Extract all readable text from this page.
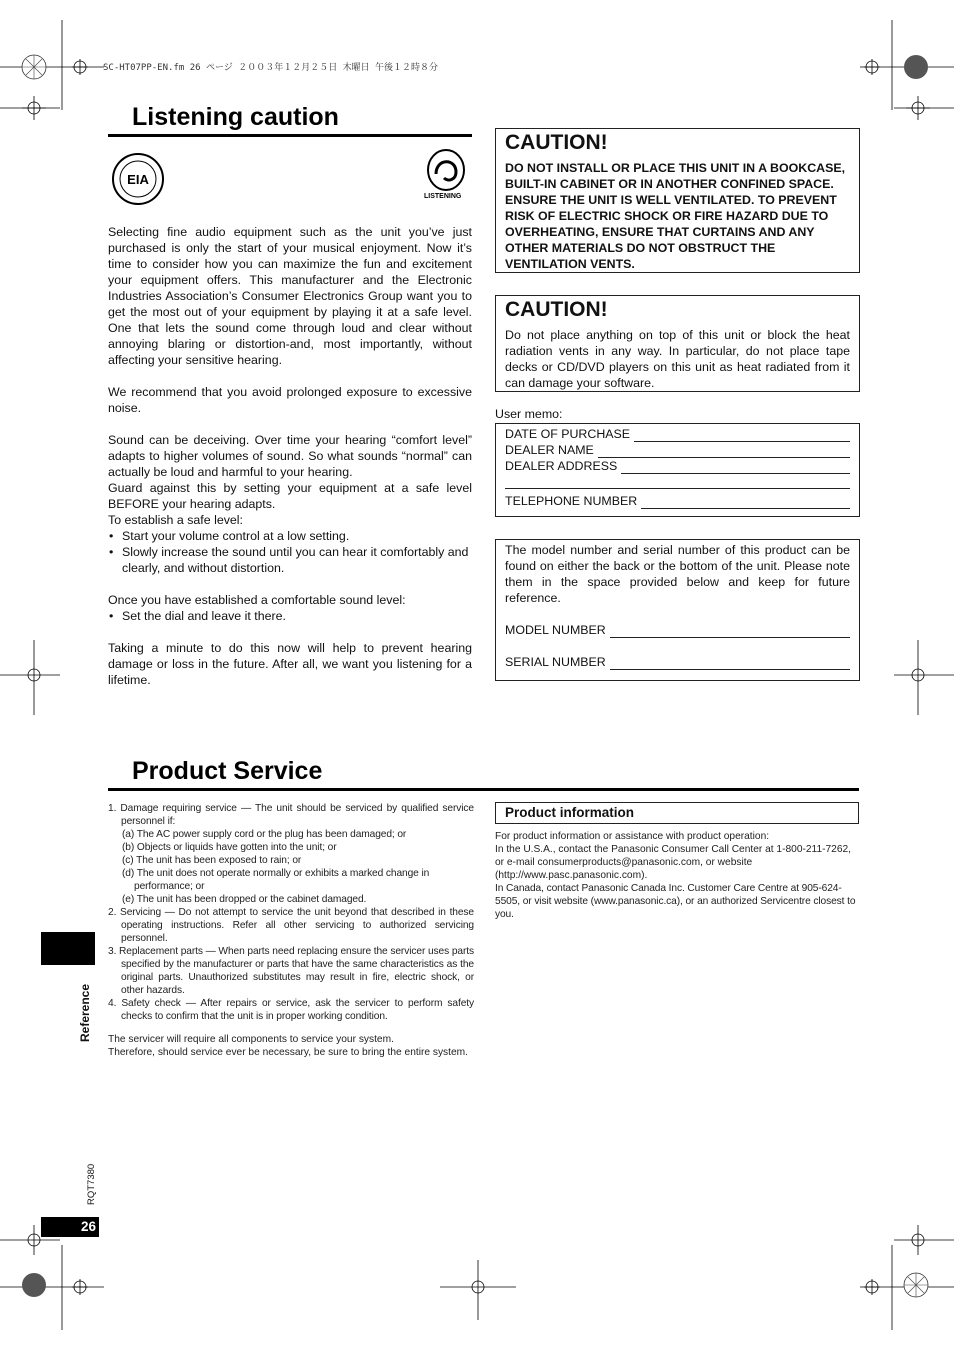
SC-HT07PP-EN.fm 26 ページ ２００３年１２月２５日 木曜日 午後１２時８分
Listening caution
EIA
LISTENING

Selecting fine audio equipment such as the unit you’ve just purchased is only the start of your musical enjoyment. Now it’s time to consider how you can maximize the fun and excitement your equipment offers. This manufacturer and the Electronic Industries Association’s Consumer Electronics Group want you to get the most out of your equipment by playing it at a safe level. One that lets the sound come through loud and clear without annoying blaring or distortion-and, most importantly, without affecting your sensitive hearing.

We recommend that you avoid prolonged exposure to excessive noise.

Sound can be deceiving. Over time your hearing “comfort level” adapts to higher volumes of sound. So what sounds “normal” can actually be loud and harmful to your hearing.

Guard against this by setting your equipment at a safe level BEFORE your hearing adapts.

To establish a safe level:

• Start your volume control at a low setting.
• Slowly increase the sound until you can hear it comfortably and clearly, and without distortion.

Once you have established a comfortable sound level:

• Set the dial and leave it there.

Taking a minute to do this now will help to prevent hearing damage or loss in the future. After all, we want you listening for a lifetime.

CAUTION!
DO NOT INSTALL OR PLACE THIS UNIT IN A BOOKCASE, BUILT-IN CABINET OR IN ANOTHER CONFINED SPACE. ENSURE THE UNIT IS WELL VENTILATED. TO PREVENT RISK OF ELECTRIC SHOCK OR FIRE HAZARD DUE TO OVERHEATING, ENSURE THAT CURTAINS AND ANY OTHER MATERIALS DO NOT OBSTRUCT THE VENTILATION VENTS.
CAUTION!
Do not place anything on top of this unit or block the heat radiation vents in any way. In particular, do not place tape decks or CD/DVD players on this unit as heat radiated from it can damage your software.
User memo:
DATE OF PURCHASE
DEALER NAME
DEALER ADDRESS
TELEPHONE NUMBER
The model number and serial number of this product can be found on either the back or the bottom of the unit. Please note them in the space provided below and keep for future reference.
MODEL NUMBER
SERIAL NUMBER
Product Service
1. Damage requiring service — The unit should be serviced by qualified service personnel if:
(a) The AC power supply cord or the plug has been damaged; or
(b) Objects or liquids have gotten into the unit; or
(c) The unit has been exposed to rain; or
(d) The unit does not operate normally or exhibits a marked change in performance; or
(e) The unit has been dropped or the cabinet damaged.
2. Servicing — Do not attempt to service the unit beyond that described in these operating instructions. Refer all other servicing to authorized servicing personnel.
3. Replacement parts — When parts need replacing ensure the servicer uses parts specified by the manufacturer or parts that have the same characteristics as the original parts. Unauthorized substitutes may result in fire, electric shock, or other hazards.
4. Safety check — After repairs or service, ask the servicer to perform safety checks to confirm that the unit is in proper working condition.
The servicer will require all components to service your system.
Therefore, should service ever be necessary, be sure to bring the entire system.
Product information
For product information or assistance with product operation:
In the U.S.A., contact the Panasonic Consumer Call Center at 1-800-211-7262, or e-mail consumerproducts@panasonic.com, or website (http://www.pasc.panasonic.com).
In Canada, contact Panasonic Canada Inc. Customer Care Centre at 905-624-5505, or visit website (www.panasonic.ca), or an authorized Servicentre closest to you.
Reference
RQT7380
26
